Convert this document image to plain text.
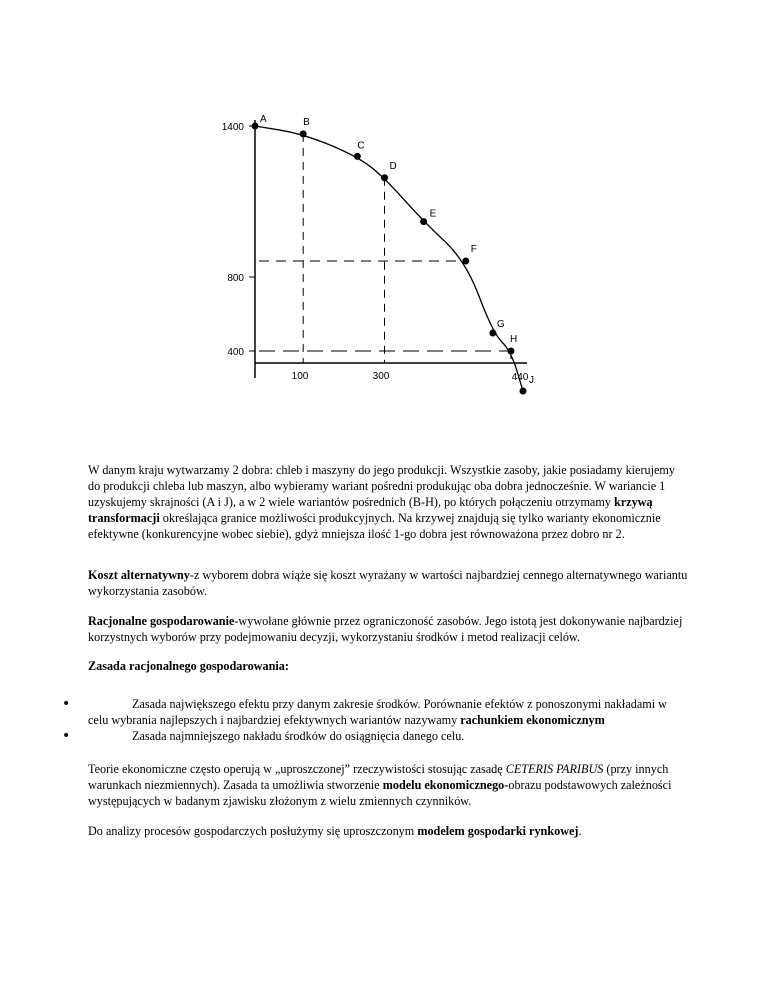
A	B
C
D
E
F
G
H
J
1400
800
400
100	300	440
W danym kraju wytwarzamy 2 dobra: chleb i maszyny do jego produkcji. Wszystkie zasoby, jakie posiadamy kierujemy do produkcji chleba lub maszyn, albo wybieramy wariant pośredni produkując oba dobra jednocześnie. W wariancie 1 uzyskujemy skrajności (A i J), a w 2 wiele wariantów pośrednich (B-H), po których połączeniu otrzymamy krzywą transformacji określająca granice możliwości produkcyjnych. Na krzywej znajdują się tylko warianty ekonomicznie efektywne (konkurencyjne wobec siebie), gdyż mniejsza ilość 1-go dobra jest równoważona przez dobro nr 2.
Koszt alternatywny-z wyborem dobra wiąże się koszt wyrażany w wartości najbardziej cennego alternatywnego wariantu wykorzystania zasobów.
Racjonalne gospodarowanie-wywołane głównie przez ograniczoność zasobów. Jego istotą jest dokonywanie najbardziej korzystnych wyborów przy podejmowaniu decyzji, wykorzystaniu środków i metod realizacji celów.
Zasada racjonalnego gospodarowania:
•	Zasada największego efektu przy danym zakresie środków. Porównanie efektów z ponoszonymi nakładami w celu wybrania najlepszych i najbardziej efektywnych wariantów nazywamy rachunkiem ekonomicznym
•	Zasada najmniejszego nakładu środków do osiągnięcia danego celu.
Teorie ekonomiczne często operują w „uproszczonej” rzeczywistości stosując zasadę CETERIS PARIBUS (przy innych warunkach niezmiennych). Zasada ta umożliwia stworzenie modelu ekonomicznego-obrazu podstawowych zależności występujących w badanym zjawisku złożonym z wielu zmiennych czynników.
Do analizy procesów gospodarczych posłużymy się uproszczonym modelem gospodarki rynkowej.
